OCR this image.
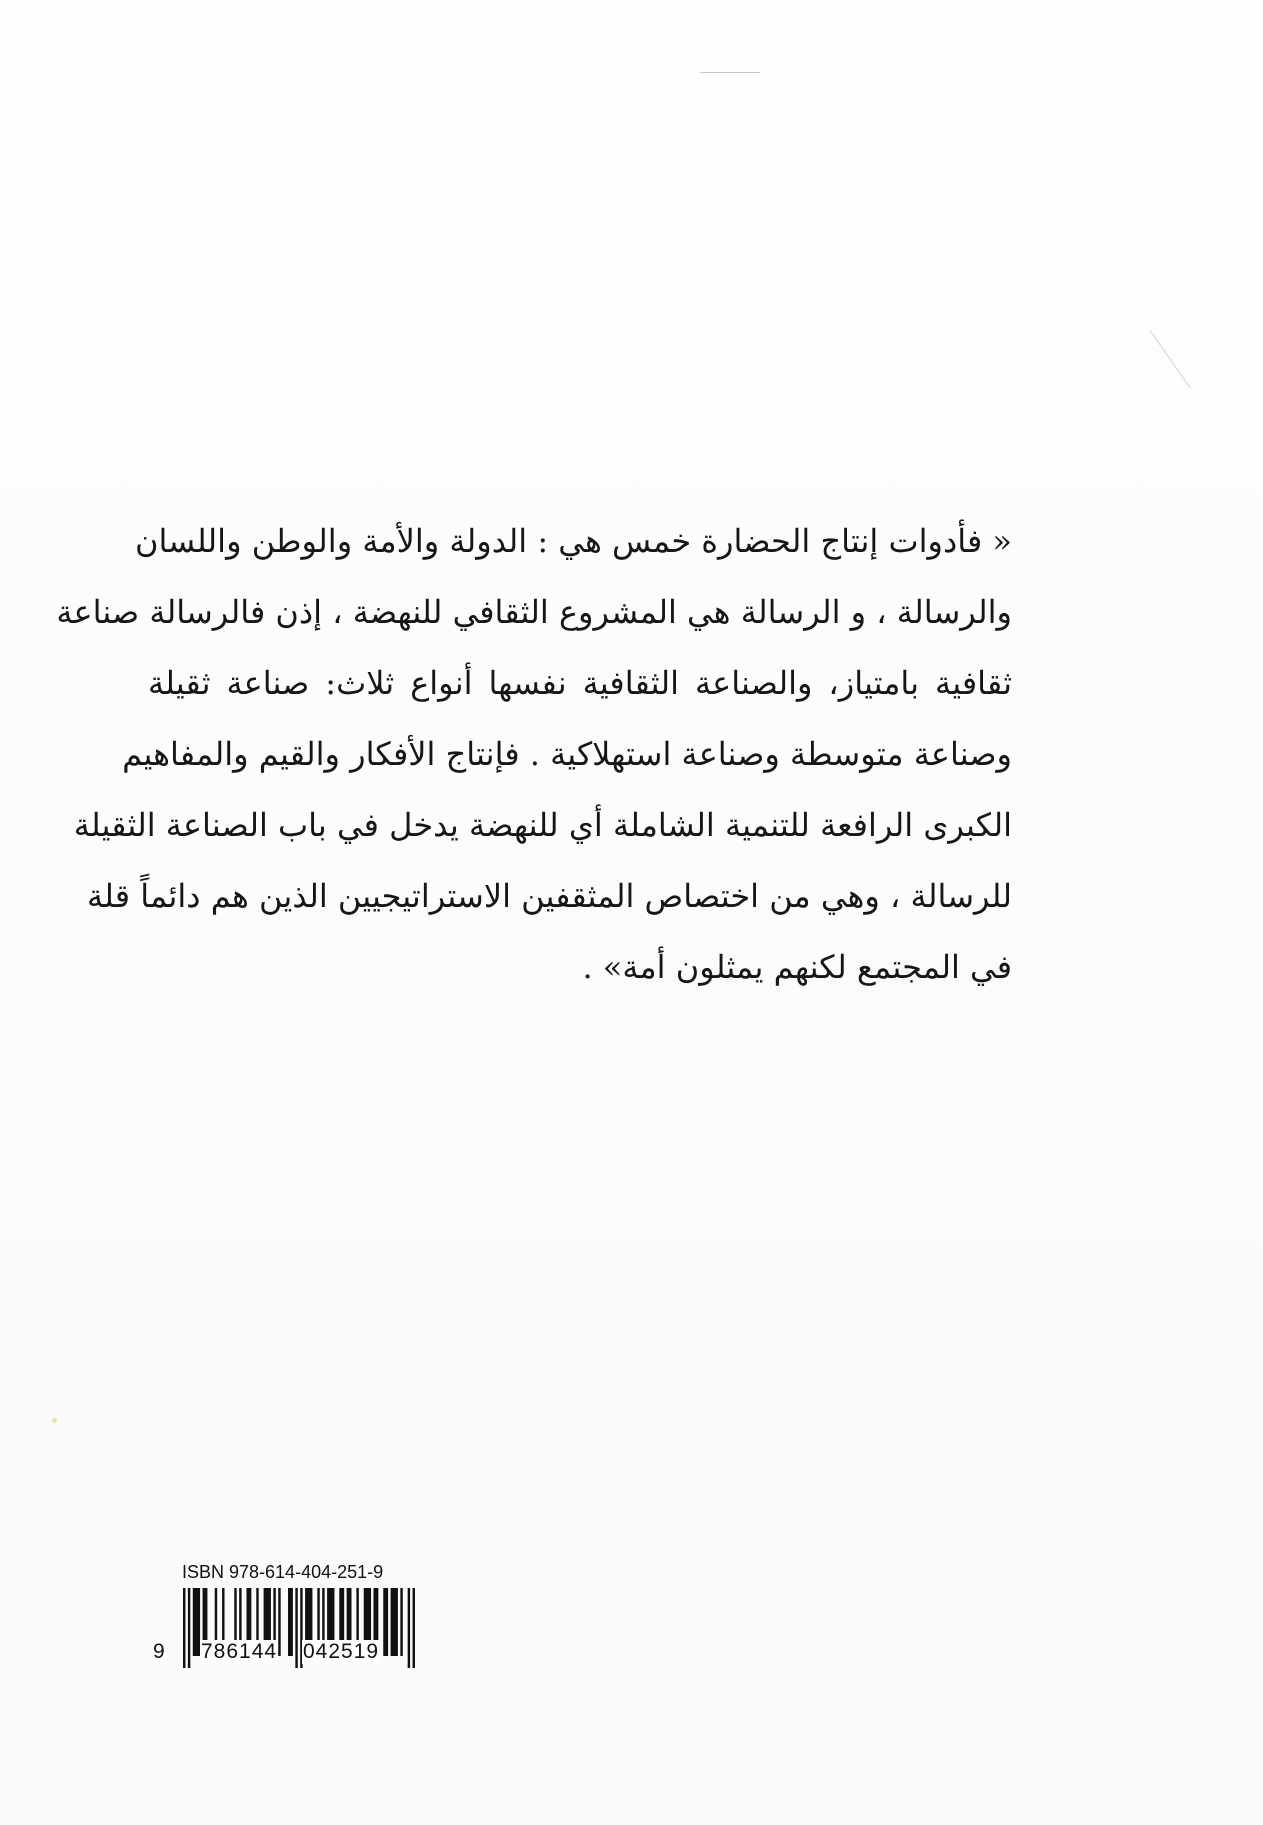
« فأدوات إنتاج الحضارة خمس هي : الدولة والأمة والوطن واللسان
والرسالة ، و الرسالة هي المشروع الثقافي للنهضة ، إذن فالرسالة صناعة
ثقافية بامتياز، والصناعة الثقافية نفسها أنواع ثلاث: صناعة ثقيلة
وصناعة متوسطة وصناعة استهلاكية . فإنتاج الأفكار والقيم والمفاهيم
الكبرى الرافعة للتنمية الشاملة أي للنهضة يدخل في باب الصناعة الثقيلة
للرسالة ، وهي من اختصاص المثقفين الاستراتيجيين الذين هم دائماً قلة
في المجتمع لكنهم يمثلون أمة» .
ISBN 978-614-404-251-9
9 786144 042519
